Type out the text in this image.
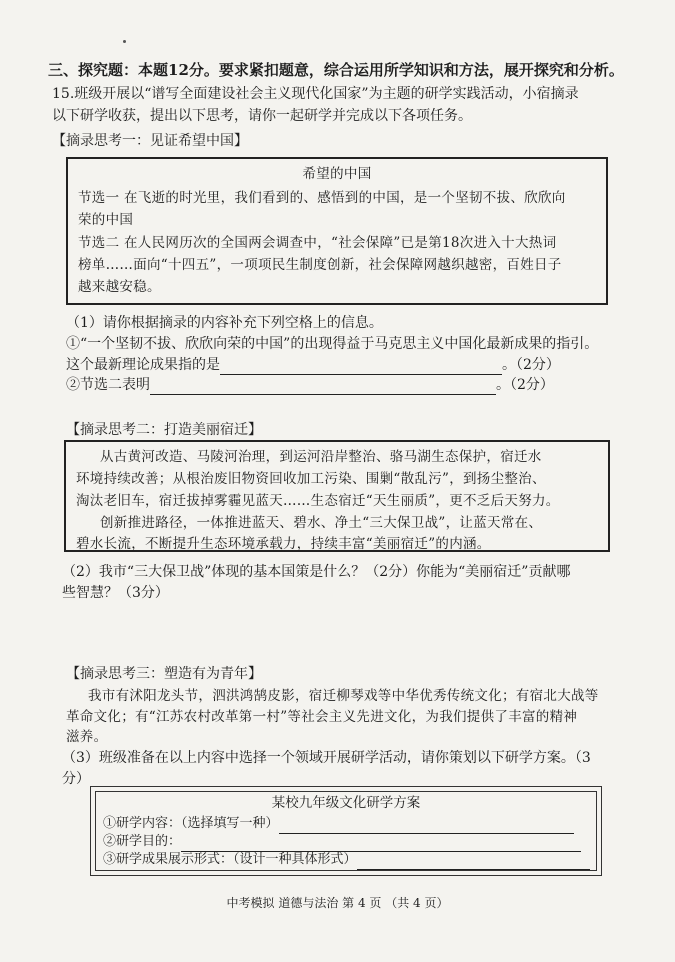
三、探究题：本题12分。要求紧扣题意，综合运用所学知识和方法，展开探究和分析。
15.班级开展以“谱写全面建设社会主义现代化国家”为主题的研学实践活动，小宿摘录
以下研学收获，提出以下思考，请你一起研学并完成以下各项任务。
【摘录思考一：见证希望中国】
希望的中国
节选一 在飞逝的时光里，我们看到的、感悟到的中国，是一个坚韧不拔、欣欣向
荣的中国
节选二 在人民网历次的全国两会调查中，“社会保障”已是第18次进入十大热词
榜单……面向“十四五”，一项项民生制度创新，社会保障网越织越密，百姓日子
越来越安稳。
（1）请你根据摘录的内容补充下列空格上的信息。
①“一个坚韧不拔、欣欣向荣的中国”的出现得益于马克思主义中国化最新成果的指引。
这个最新理论成果指的是	。（2分）
②节选二表明	。（2分）
【摘录思考二：打造美丽宿迁】
从古黄河改造、马陵河治理，到运河沿岸整治、骆马湖生态保护，宿迁水
环境持续改善；从根治废旧物资回收加工污染、围剿“散乱污”，到扬尘整治、
淘汰老旧车，宿迁拔掉雾霾见蓝天……生态宿迁“天生丽质”，更不乏后天努力。
创新推进路径，一体推进蓝天、碧水、净土“三大保卫战”，让蓝天常在、
碧水长流，不断提升生态环境承载力，持续丰富“美丽宿迁”的内涵。
（2）我市“三大保卫战”体现的基本国策是什么？（2分）你能为“美丽宿迁”贡献哪
些智慧？（3分）
【摘录思考三：塑造有为青年】
我市有沭阳龙头节，泗洪鸿鹄皮影，宿迁柳琴戏等中华优秀传统文化；有宿北大战等
革命文化；有“江苏农村改革第一村”等社会主义先进文化，为我们提供了丰富的精神
滋养。
（3）班级准备在以上内容中选择一个领域开展研学活动，请你策划以下研学方案。（3
分）
某校九年级文化研学方案
①研学内容：（选择填写一种）
②研学目的：
③研学成果展示形式：（设计一种具体形式）
中考模拟 道德与法治 第 4 页 （共 4 页）
